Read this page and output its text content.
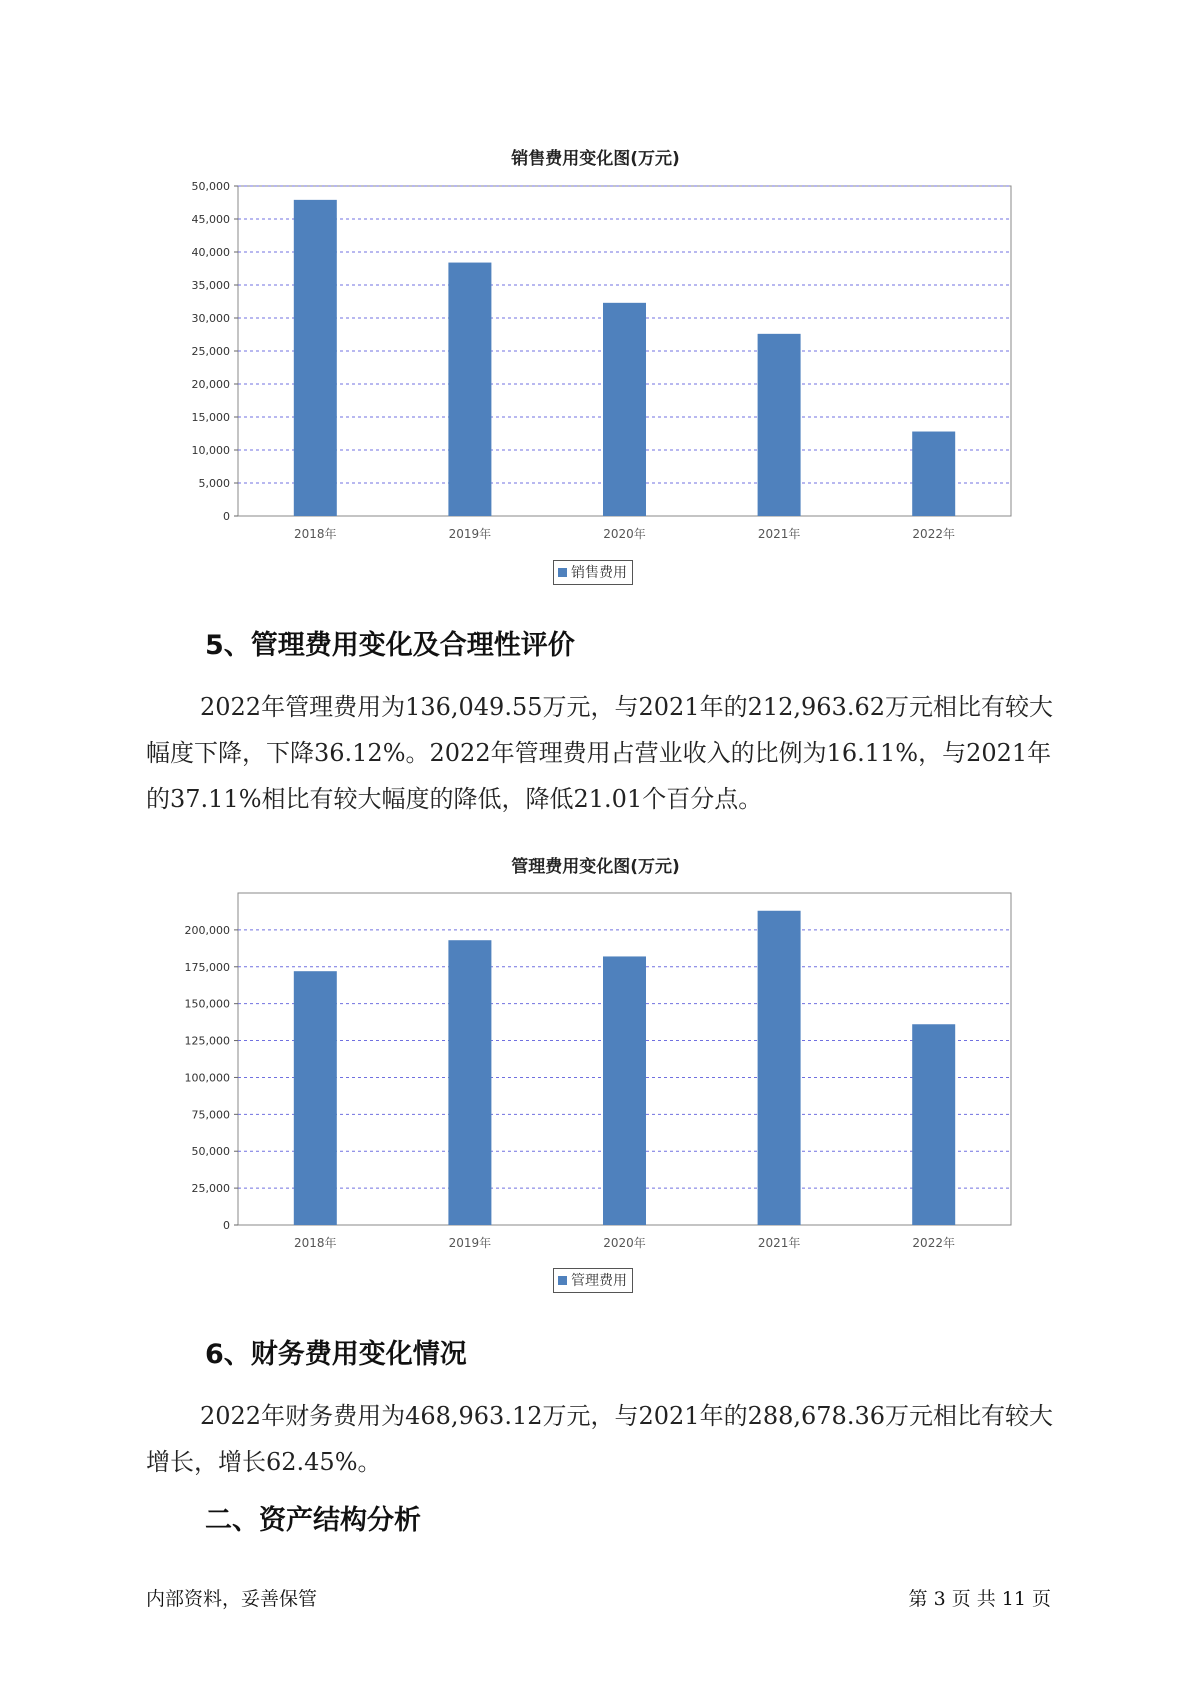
销售费用变化图(万元)
0
5,000
10,000
15,000
20,000
25,000
30,000
35,000
40,000
45,000
50,000
2018年	2019年	2020年	2021年	2022年
销售费用
5、管理费用变化及合理性评价

2022年管理费用为136,049.55万元，与2021年的212,963.62万元相比有较大幅度下降，下降36.12%。2022年管理费用占营业收入的比例为16.11%，与2021年的37.11%相比有较大幅度的降低，降低21.01个百分点。

管理费用变化图(万元)
0
25,000
50,000
75,000
100,000
125,000
150,000
175,000
200,000
2018年	2019年	2020年	2021年	2022年
管理费用
6、财务费用变化情况

2022年财务费用为468,963.12万元，与2021年的288,678.36万元相比有较大增长，增长62.45%。

二、资产结构分析
内部资料，妥善保管	第 3 页 共 11 页
